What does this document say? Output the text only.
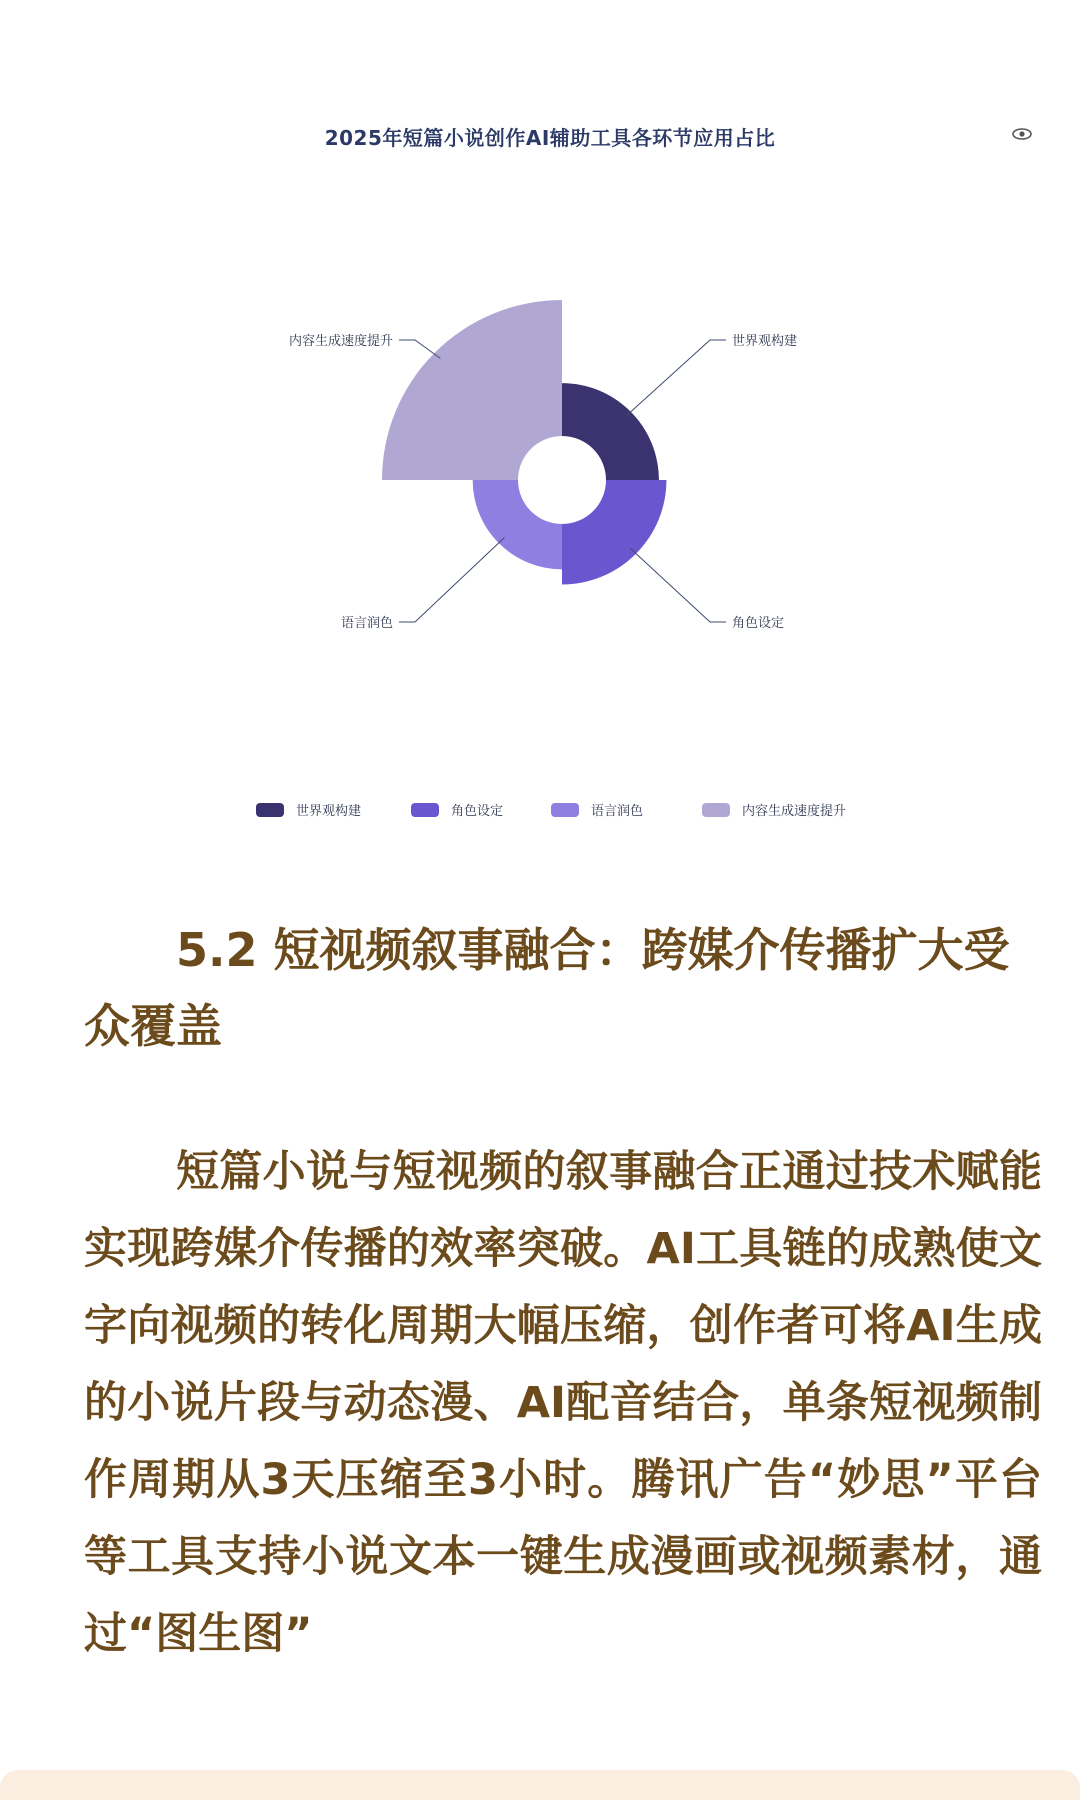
世界观构建
角色设定
语言润色
内容生成速度提升
世界观构建	角色设定	语言润色	内容生成速度提升
2025年短篇小说创作AI辅助工具各环节应用占比
5.2 短视频叙事融合：跨媒介传播扩大受众覆盖
短篇小说与短视频的叙事融合正通过技术赋能实现跨媒介传播的效率突破。AI工具链的成熟使文字向视频的转化周期大幅压缩，创作者可将AI生成的小说片段与动态漫、AI配音结合，单条短视频制作周期从3天压缩至3小时。腾讯广告“妙思”平台等工具支持小说文本一键生成漫画或视频素材，通过“图生图”
